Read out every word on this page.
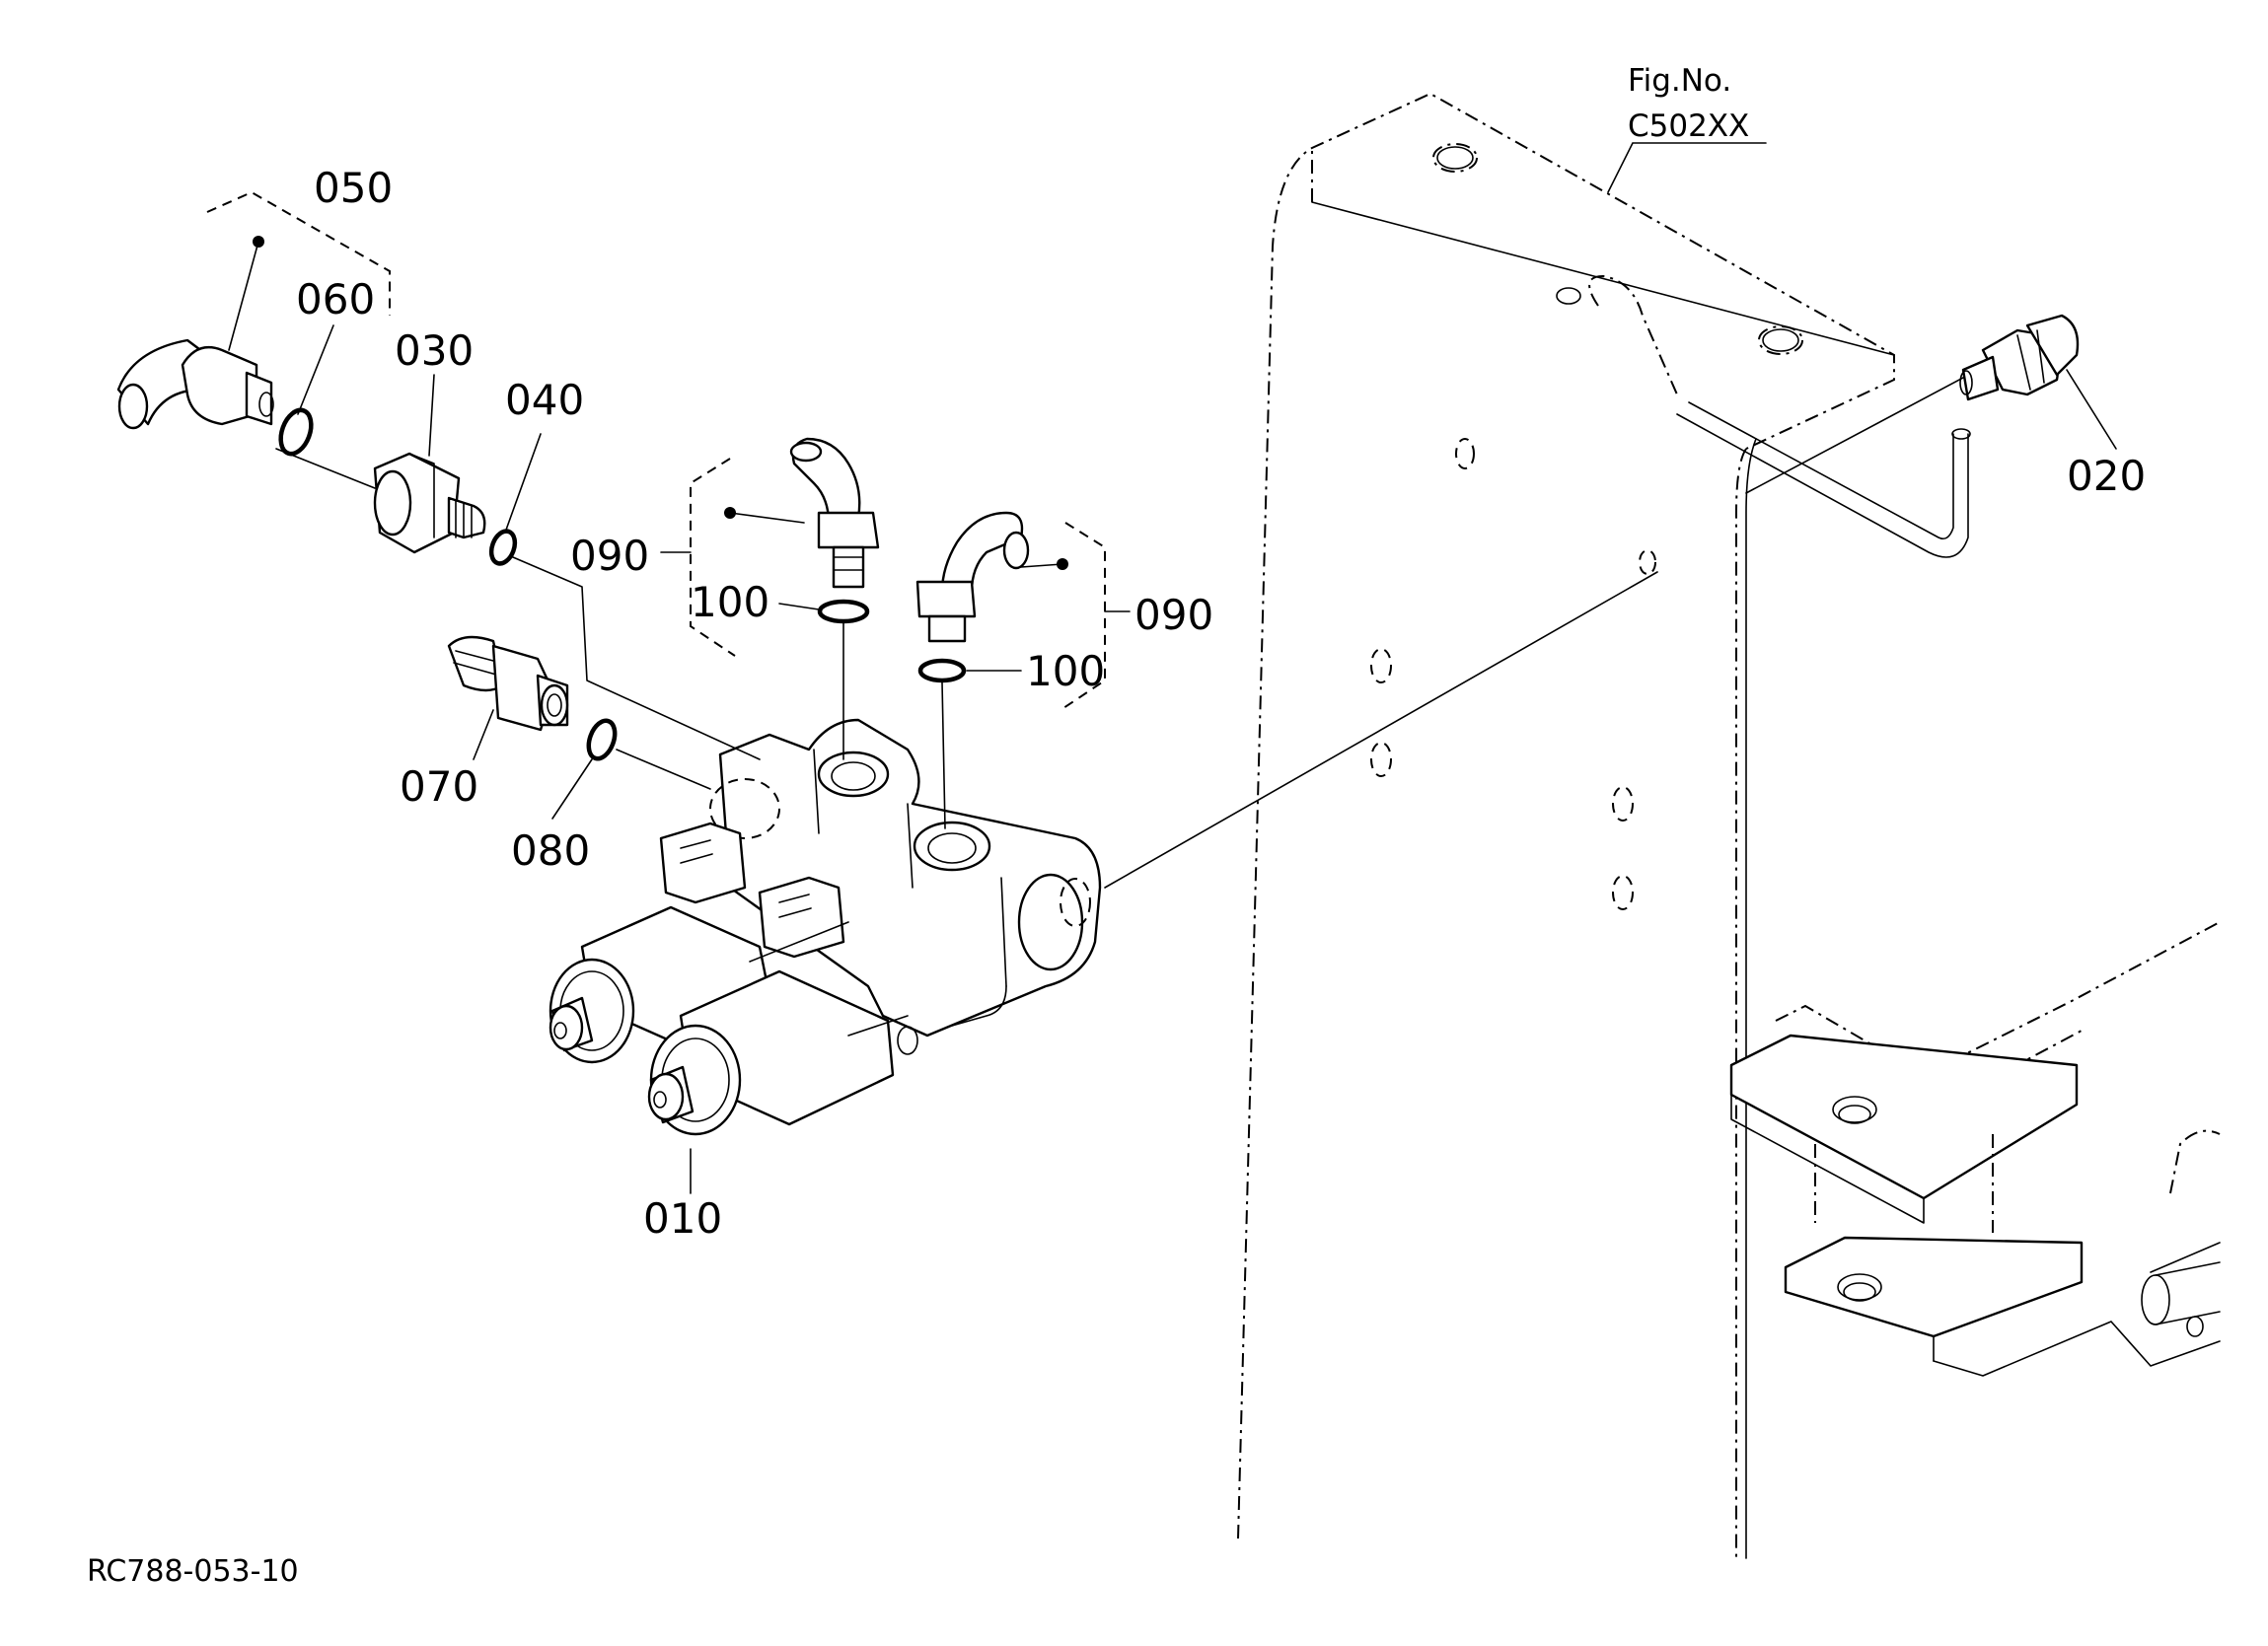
050
060
030
040
090
100	090
100
070
080
010
020
Fig.No.
C502XX
RC788-053-10
